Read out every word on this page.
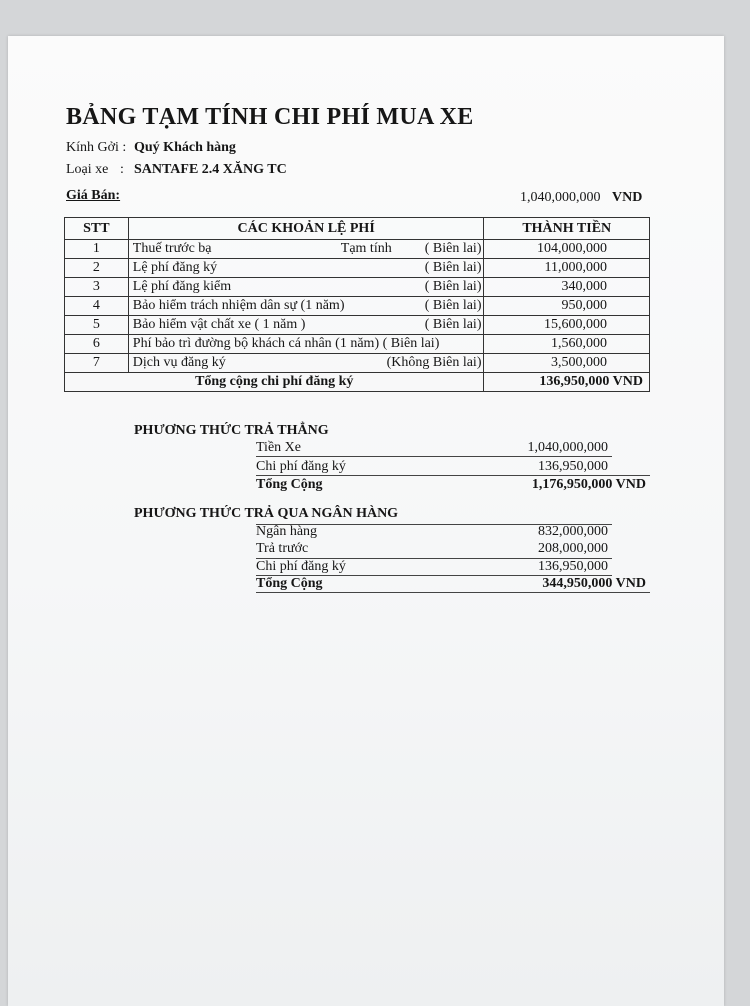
BẢNG TẠM TÍNH CHI PHÍ MUA XE
Kính Gởi : Quý Khách hàng
Loại xe : SANTAFE 2.4 XĂNG TC
Giá Bán:	1,040,000,000 VND
STT	CÁC KHOẢN LỆ PHÍ	THÀNH TIỀN
1	Thuế trước bạ Tạm tính ( Biên lai)	104,000,000
2	Lệ phí đăng ký ( Biên lai)	11,000,000
3	Lệ phí đăng kiểm ( Biên lai)	340,000
4	Bảo hiểm trách nhiệm dân sự (1 năm) ( Biên lai)	950,000
5	Bảo hiểm vật chất xe ( 1 năm ) ( Biên lai)	15,600,000
6	Phí bảo trì đường bộ khách cá nhân (1 năm) ( Biên lai)	1,560,000
7	Dịch vụ đăng ký (Không Biên lai)	3,500,000
Tổng cộng chi phí đăng ký		136,950,000 VND
PHƯƠNG THỨC TRẢ THẲNG
Tiền Xe	1,040,000,000
Chi phí đăng ký	136,950,000
Tổng Cộng	1,176,950,000 VND
PHƯƠNG THỨC TRẢ QUA NGÂN HÀNG
Ngân hàng	832,000,000
Trả trước	208,000,000
Chi phí đăng ký	136,950,000
Tổng Cộng	344,950,000 VND
